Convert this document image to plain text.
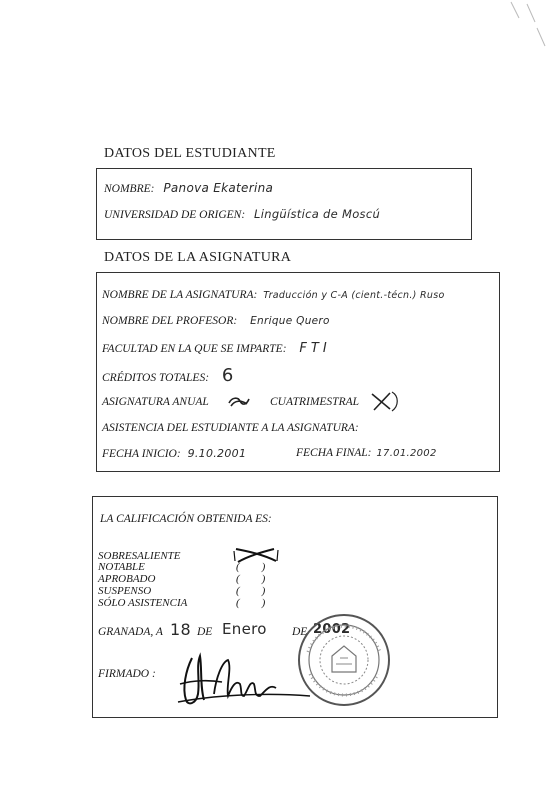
DATOS DEL ESTUDIANTE
NOMBRE: Panova Ekaterina
UNIVERSIDAD DE ORIGEN: Lingüística de Moscú
DATOS DE LA ASIGNATURA
NOMBRE DE LA ASIGNATURA: Traducción y C-A (cient.-técn.) Ruso
NOMBRE DEL PROFESOR: Enrique Quero
FACULTAD EN LA QUE SE IMPARTE: FTI
CRÉDITOS TOTALES: 6
ASIGNATURA ANUAL	CUATRIMESTRAL
ASISTENCIA DEL ESTUDIANTE A LA ASIGNATURA:
FECHA INICIO: 9.10.2001	FECHA FINAL: 17.01.2002
LA CALIFICACIÓN OBTENIDA ES:
SOBRESALIENTE
NOTABLE
APROBADO
SUSPENSO
SÓLO ASISTENCIA
(        )
(        )
(        )
(        )
GRANADA, A 18 DE Enero DE 2002
FIRMADO :
